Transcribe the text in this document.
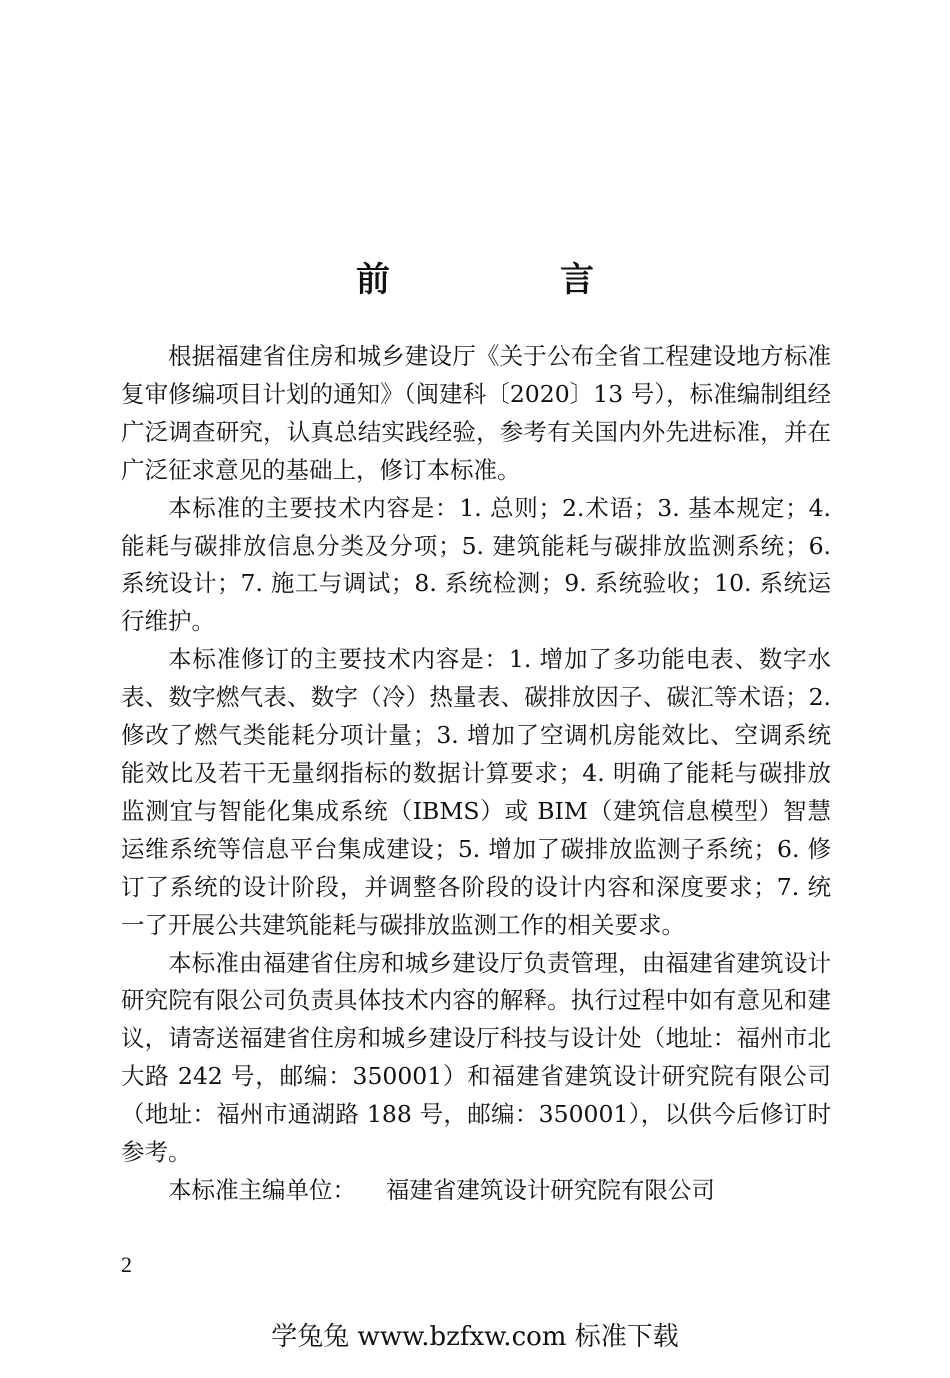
前　言

根据福建省住房和城乡建设厅《关于公布全省工程建设地方标准复审修编项目计划的通知》（闽建科〔2020〕13 号），标准编制组经广泛调查研究，认真总结实践经验，参考有关国内外先进标准，并在广泛征求意见的基础上，修订本标准。

本标准的主要技术内容是：1. 总则；2.术语；3. 基本规定；4. 能耗与碳排放信息分类及分项；5. 建筑能耗与碳排放监测系统；6. 系统设计；7. 施工与调试；8. 系统检测；9. 系统验收；10. 系统运行维护。

本标准修订的主要技术内容是：1. 增加了多功能电表、数字水表、数字燃气表、数字（冷）热量表、碳排放因子、碳汇等术语；2. 修改了燃气类能耗分项计量；3. 增加了空调机房能效比、空调系统能效比及若干无量纲指标的数据计算要求；4. 明确了能耗与碳排放监测宜与智能化集成系统（IBMS）或 BIM（建筑信息模型）智慧运维系统等信息平台集成建设；5. 增加了碳排放监测子系统；6. 修订了系统的设计阶段，并调整各阶段的设计内容和深度要求；7. 统一了开展公共建筑能耗与碳排放监测工作的相关要求。

本标准由福建省住房和城乡建设厅负责管理，由福建省建筑设计研究院有限公司负责具体技术内容的解释。执行过程中如有意见和建议，请寄送福建省住房和城乡建设厅科技与设计处（地址：福州市北大路 242 号，邮编：350001）和福建省建筑设计研究院有限公司（地址：福州市通湖路 188 号，邮编：350001），以供今后修订时参考。

本标准主编单位： 福建省建筑设计研究院有限公司

2
学兔兔 www.bzfxw.com 标准下载
